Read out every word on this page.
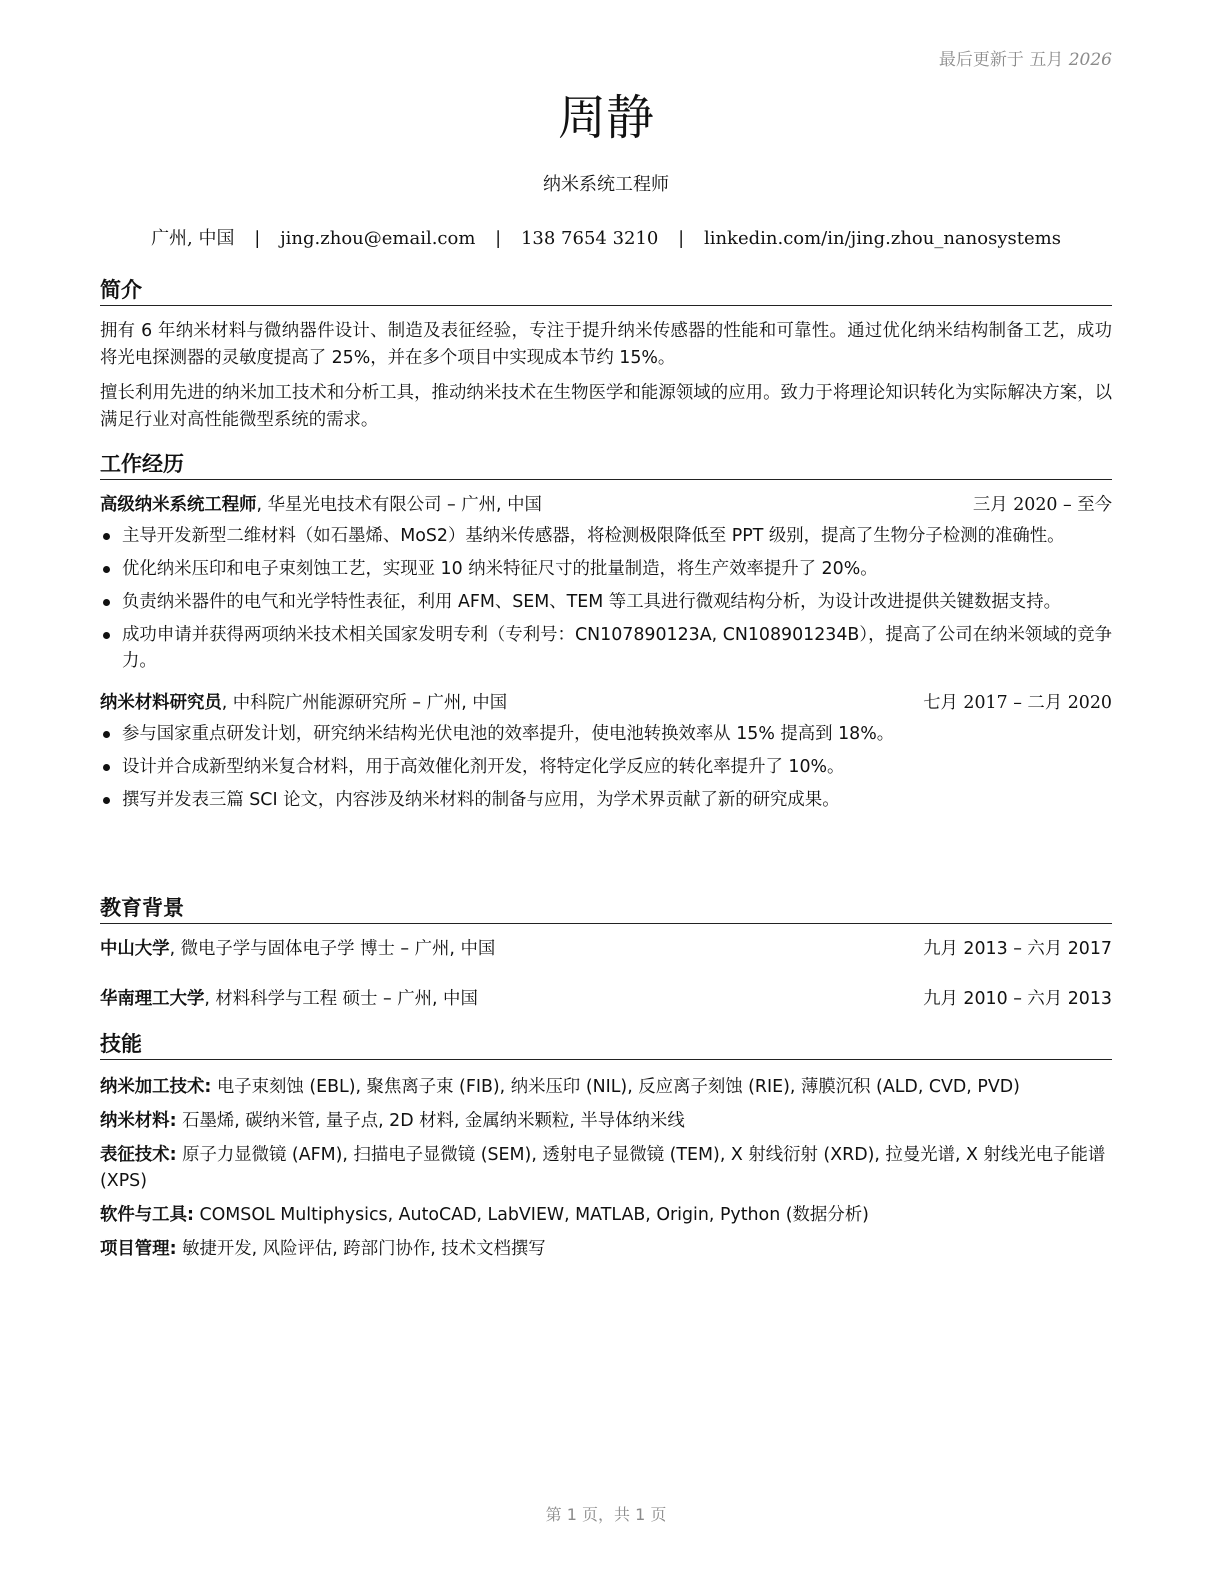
最后更新于 五月 2026
周静
纳米系统工程师
广州, 中国 | jing.zhou@email.com | 138 7654 3210 | linkedin.com/in/jing.zhou_nanosystems
简介

拥有 6 年纳米材料与微纳器件设计、制造及表征经验，专注于提升纳米传感器的性能和可靠性。通过优化纳米结构制备工艺，成功将光电探测器的灵敏度提高了 25%，并在多个项目中实现成本节约 15%。

擅长利用先进的纳米加工技术和分析工具，推动纳米技术在生物医学和能源领域的应用。致力于将理论知识转化为实际解决方案，以满足行业对高性能微型系统的需求。

工作经历
高级纳米系统工程师, 华星光电技术有限公司 – 广州, 中国	三月 2020 – 至今
主导开发新型二维材料（如石墨烯、MoS2）基纳米传感器，将检测极限降低至 PPT 级别，提高了生物分子检测的准确性。
优化纳米压印和电子束刻蚀工艺，实现亚 10 纳米特征尺寸的批量制造，将生产效率提升了 20%。
负责纳米器件的电气和光学特性表征，利用 AFM、SEM、TEM 等工具进行微观结构分析，为设计改进提供关键数据支持。
成功申请并获得两项纳米技术相关国家发明专利（专利号：CN107890123A, CN108901234B），提高了公司在纳米领域的竞争力。
纳米材料研究员, 中科院广州能源研究所 – 广州, 中国	七月 2017 – 二月 2020
参与国家重点研发计划，研究纳米结构光伏电池的效率提升，使电池转换效率从 15% 提高到 18%。
设计并合成新型纳米复合材料，用于高效催化剂开发，将特定化学反应的转化率提升了 10%。
撰写并发表三篇 SCI 论文，内容涉及纳米材料的制备与应用，为学术界贡献了新的研究成果。
教育背景
中山大学, 微电子学与固体电子学 博士 – 广州, 中国	九月 2013 – 六月 2017
华南理工大学, 材料科学与工程 硕士 – 广州, 中国	九月 2010 – 六月 2013
技能
纳米加工技术: 电子束刻蚀 (EBL), 聚焦离子束 (FIB), 纳米压印 (NIL), 反应离子刻蚀 (RIE), 薄膜沉积 (ALD, CVD, PVD)
纳米材料: 石墨烯, 碳纳米管, 量子点, 2D 材料, 金属纳米颗粒, 半导体纳米线
表征技术: 原子力显微镜 (AFM), 扫描电子显微镜 (SEM), 透射电子显微镜 (TEM), X 射线衍射 (XRD), 拉曼光谱, X 射线光电子能谱 (XPS)
软件与工具: COMSOL Multiphysics, AutoCAD, LabVIEW, MATLAB, Origin, Python (数据分析)
项目管理: 敏捷开发, 风险评估, 跨部门协作, 技术文档撰写
第 1 页，共 1 页
